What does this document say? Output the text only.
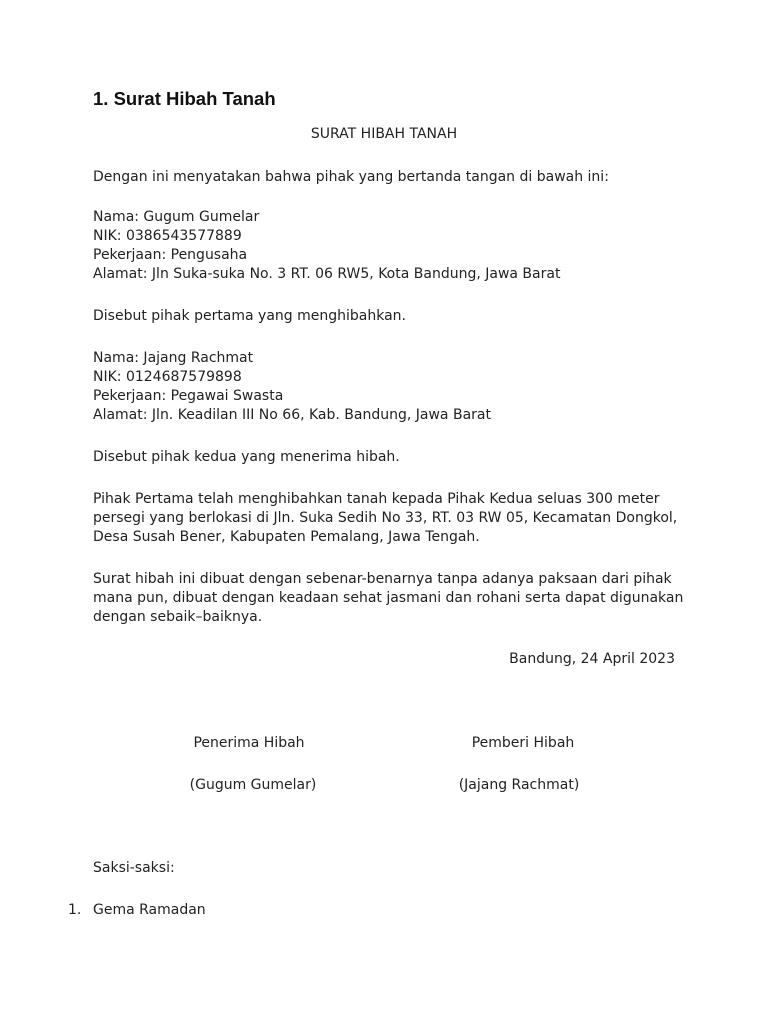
1. Surat Hibah Tanah
SURAT HIBAH TANAH
Dengan ini menyatakan bahwa pihak yang bertanda tangan di bawah ini:
Nama: Gugum Gumelar
NIK: 0386543577889
Pekerjaan: Pengusaha
Alamat: Jln Suka-suka No. 3 RT. 06 RW5, Kota Bandung, Jawa Barat
Disebut pihak pertama yang menghibahkan.
Nama: Jajang Rachmat
NIK: 0124687579898
Pekerjaan: Pegawai Swasta
Alamat: Jln. Keadilan III No 66, Kab. Bandung, Jawa Barat
Disebut pihak kedua yang menerima hibah.
Pihak Pertama telah menghibahkan tanah kepada Pihak Kedua seluas 300 meter
persegi yang berlokasi di Jln. Suka Sedih No 33, RT. 03 RW 05, Kecamatan Dongkol,
Desa Susah Bener, Kabupaten Pemalang, Jawa Tengah.
Surat hibah ini dibuat dengan sebenar-benarnya tanpa adanya paksaan dari pihak
mana pun, dibuat dengan keadaan sehat jasmani dan rohani serta dapat digunakan
dengan sebaik–baiknya.
Bandung, 24 April 2023
Penerima Hibah	Pemberi Hibah
(Gugum Gumelar)	(Jajang Rachmat)
Saksi-saksi:
1. Gema Ramadan
